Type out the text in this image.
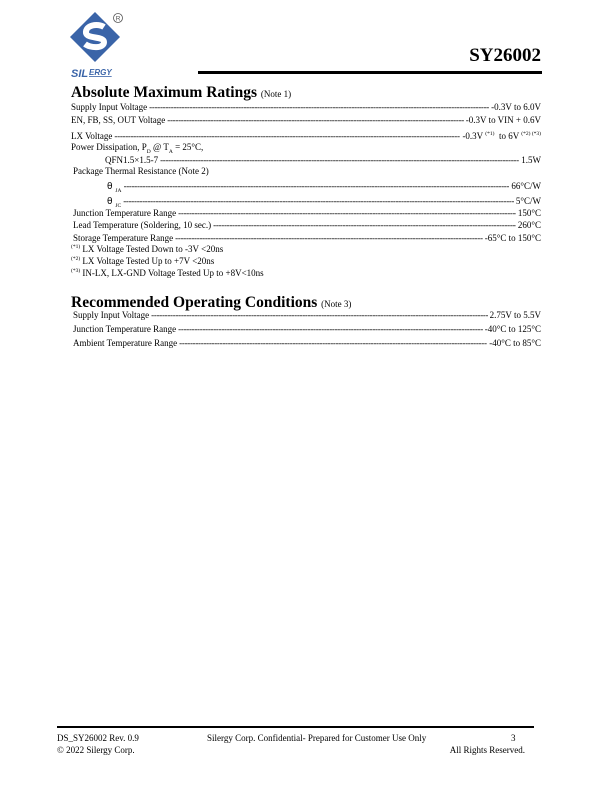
R
SIL ERGY
SY26002
Absolute Maximum Ratings (Note 1)
Supply Input Voltage -----	-0.3V to 6.0V
EN, FB, SS, OUT Voltage -----	-0.3V to VIN + 0.6V
LX Voltage -----	-0.3V $^{(*1)}$ to 6V $^{(*2) (*3)}$
Power Dissipation, $P_D$ @ $T_A = 25^\circ C$,
QFN1.5×1.5-7 -----	1.5W
Package Thermal Resistance (Note 2)
θ $_{JA}$ -----	66°C/W
θ $_{JC}$ -----	5°C/W
Junction Temperature Range -----	150°C
Lead Temperature (Soldering, 10 sec.) -----	260°C
Storage Temperature Range -----	-65°C to 150°C
$^{(*1)}$ LX Voltage Tested Down to -3V <20ns
$^{(*2)}$ LX Voltage Tested Up to +7V <20ns
$^{(*3)}$ IN-LX, LX-GND Voltage Tested Up to +8V<10ns
Recommended Operating Conditions (Note 3)
Supply Input Voltage -----	2.75V to 5.5V
Junction Temperature Range -----	-40°C to 125°C
Ambient Temperature Range -----	-40°C to 85°C
DS_SY26002 Rev. 0.9	Silergy Corp. Confidential- Prepared for Customer Use Only	3
© 2022 Silergy Corp.	All Rights Reserved.
